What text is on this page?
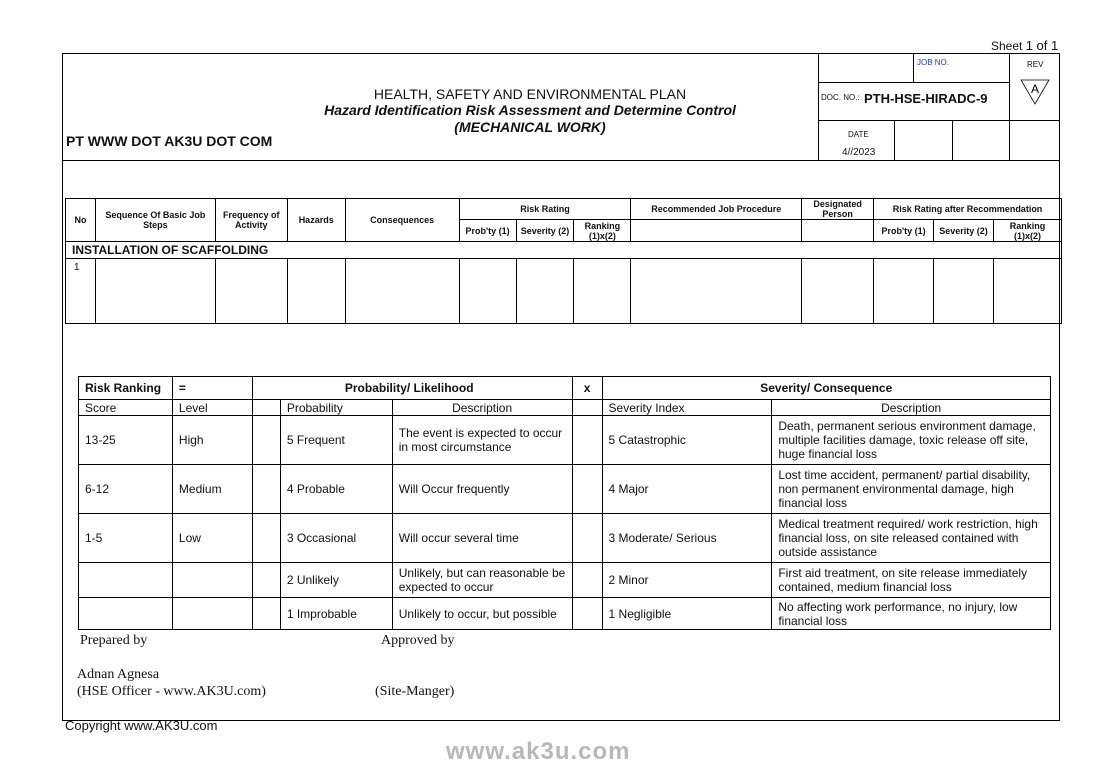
Sheet 1 of 1
HEALTH, SAFETY AND ENVIRONMENTAL PLAN
Hazard Identification Risk Assessment and Determine Control
(MECHANICAL WORK)
PT WWW DOT AK3U DOT COM
JOB NO.	REV
A
DOC. NO.: PTH-HSE-HIRADC-9
DATE
4//2023
No	Sequence Of Basic Job Steps	Frequency of Activity	Hazards	Consequences	Risk Rating			Recommended Job Procedure	Designated Person	Risk Rating after Recommendation		
					Prob'ty (1)	Severity (2)	Ranking (1)x(2)			Prob'ty (1)	Severity (2)	Ranking (1)x(2)
INSTALLATION OF SCAFFOLDING												
1												
Risk Ranking	=	Probability/ Likelihood			x	Severity/ Consequence	
Score	Level		Probability	Description		Severity Index	Description
13-25	High		5 Frequent	The event is expected to occur in most circumstance		5 Catastrophic	Death, permanent serious environment damage, multiple facilities damage, toxic release off site, huge financial loss
6-12	Medium		4 Probable	Will Occur frequently		4 Major	Lost time accident, permanent/ partial disability, non permanent environmental damage, high financial loss
1-5	Low		3 Occasional	Will occur several time		3 Moderate/ Serious	Medical treatment required/ work restriction, high financial loss, on site released contained with outside assistance
			2 Unlikely	Unlikely, but can reasonable be expected to occur		2 Minor	First aid treatment, on site release immediately contained, medium financial loss
			1 Improbable	Unlikely to occur, but possible		1 Negligible	No affecting work performance, no injury, low financial loss
Prepared by	Approved by
Adnan Agnesa
(HSE Officer - www.AK3U.com)	(Site-Manger)
Copyright www.AK3U.com
www.ak3u.com
